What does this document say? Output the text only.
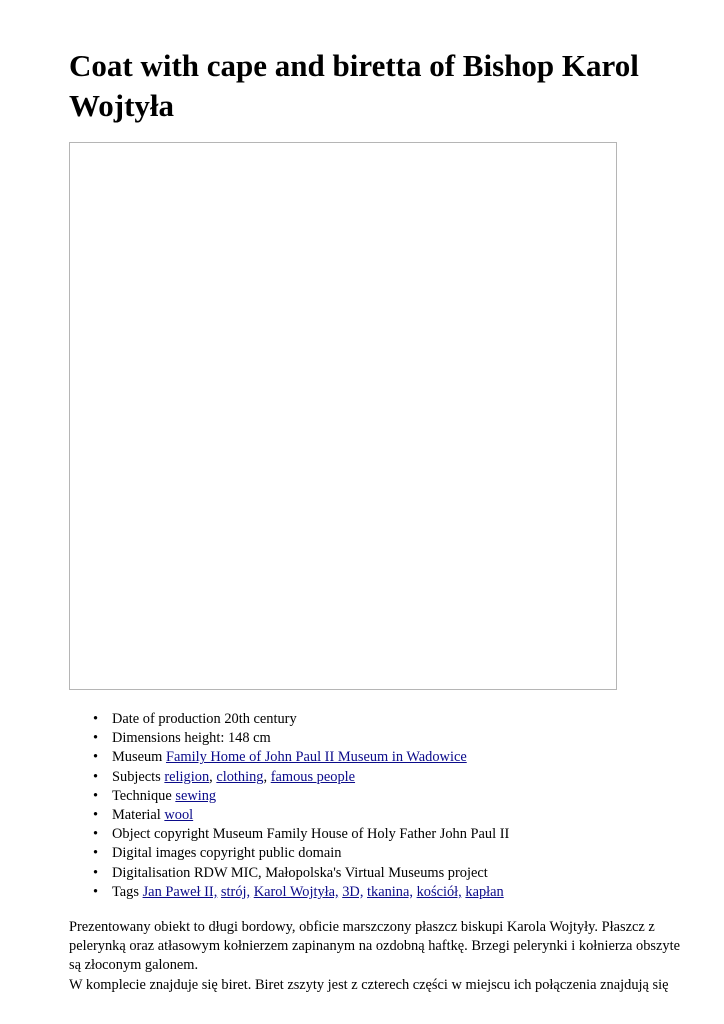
Coat with cape and biretta of Bishop Karol Wojtyła
• Date of production 20th century
• Dimensions height: 148 cm
• Museum Family Home of John Paul II Museum in Wadowice
• Subjects religion, clothing, famous people
• Technique sewing
• Material wool
• Object copyright Museum Family House of Holy Father John Paul II
• Digital images copyright public domain
• Digitalisation RDW MIC, Małopolska's Virtual Museums project
• Tags Jan Paweł II, strój, Karol Wojtyła, 3D, tkanina, kościół, kapłan

Prezentowany obiekt to długi bordowy, obficie marszczony płaszcz biskupi Karola Wojtyły. Płaszcz z pelerynką oraz atłasowym kołnierzem zapinanym na ozdobną haftkę. Brzegi pelerynki i kołnierza obszyte są złoconym galonem.

W komplecie znajduje się biret. Biret zszyty jest z czterech części w miejscu ich połączenia znajdują się
